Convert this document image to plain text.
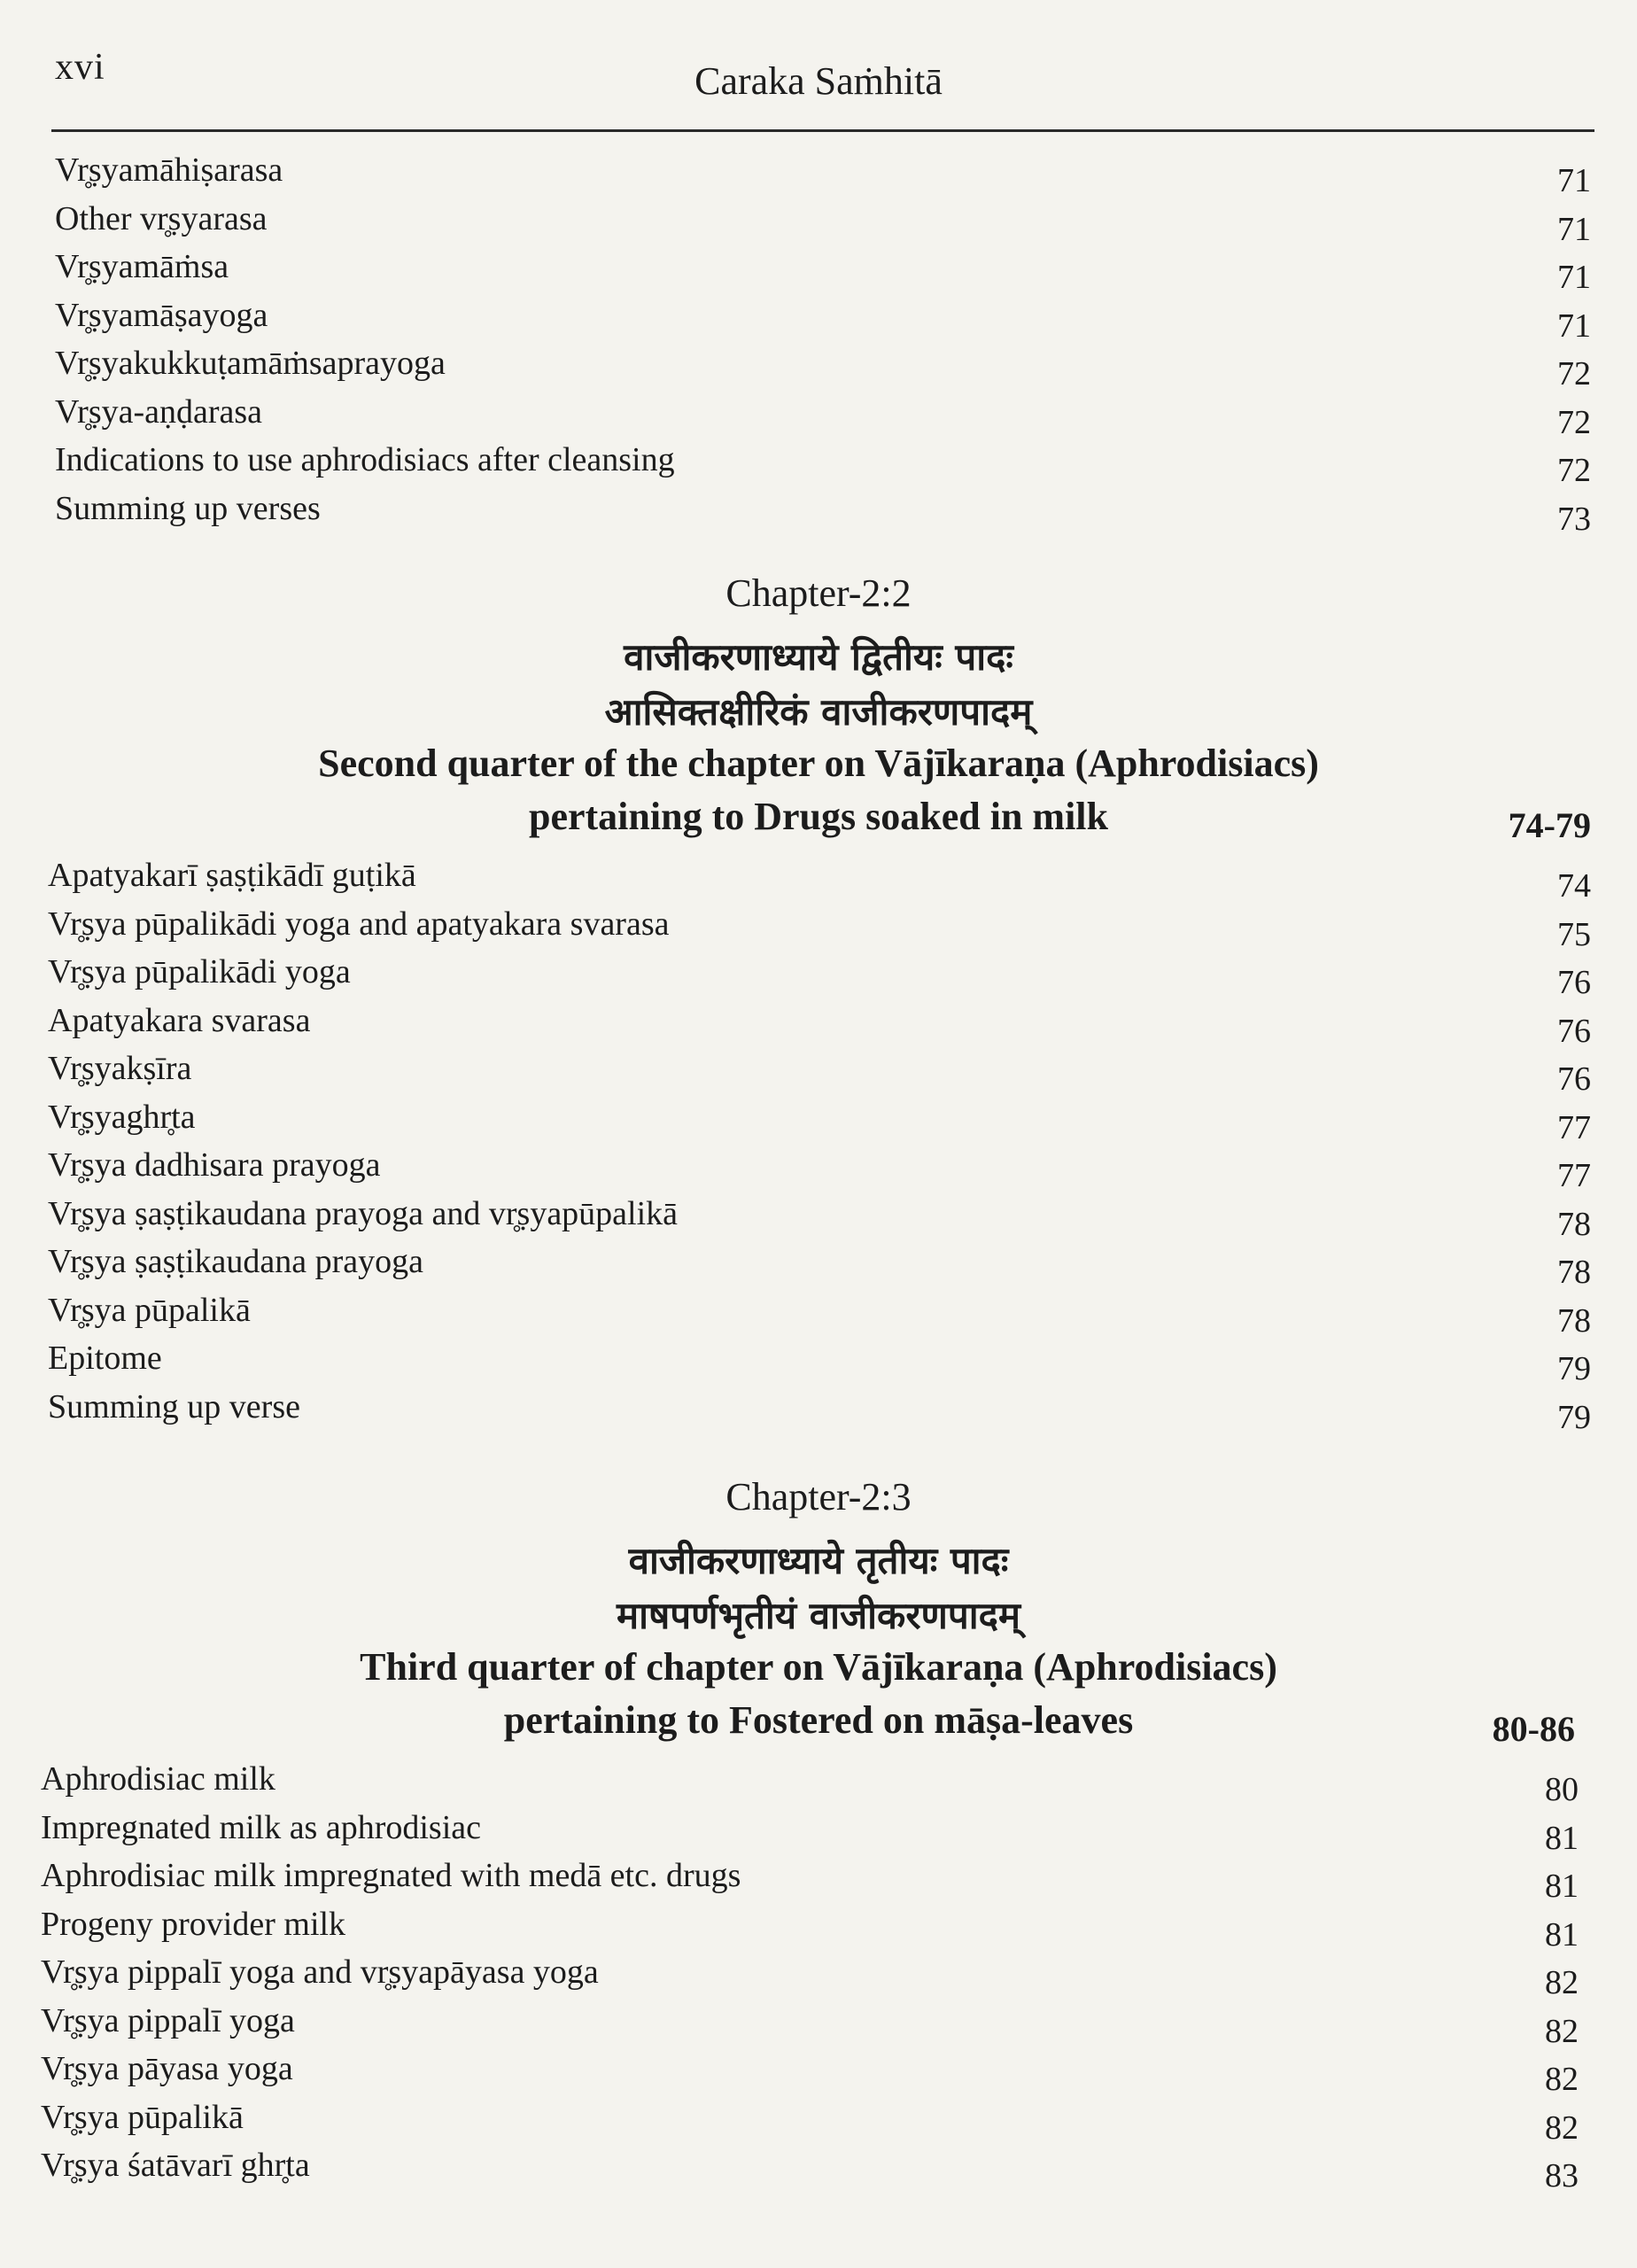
xvi	Caraka Saṁhitā
Vr̥ṣyamāhiṣarasa	71
Other vr̥ṣyarasa	71
Vr̥ṣyamāṁsa	71
Vr̥ṣyamāṣayoga	71
Vr̥ṣyakukkuṭamāṁsaprayoga	72
Vr̥ṣya-aṇḍarasa	72
Indications to use aphrodisiacs after cleansing	72
Summing up verses	73
Chapter-2:2
वाजीकरणाध्याये द्वितीयः पादः
आसिक्तक्षीरिकं वाजीकरणपादम्
Second quarter of the chapter on Vājīkaraṇa (Aphrodisiacs)
pertaining to Drugs soaked in milk	74-79
Apatyakarī ṣaṣṭikādī guṭikā	74
Vr̥ṣya pūpalikādi yoga and apatyakara svarasa	75
Vr̥ṣya pūpalikādi yoga	76
Apatyakara svarasa	76
Vr̥ṣyakṣīra	76
Vr̥ṣyaghr̥ta	77
Vr̥ṣya dadhisara prayoga	77
Vr̥ṣya ṣaṣṭikaudana prayoga and vr̥ṣyapūpalikā	78
Vr̥ṣya ṣaṣṭikaudana prayoga	78
Vr̥ṣya pūpalikā	78
Epitome	79
Summing up verse	79
Chapter-2:3
वाजीकरणाध्याये तृतीयः पादः
माषपर्णभृतीयं वाजीकरणपादम्
Third quarter of chapter on Vājīkaraṇa (Aphrodisiacs)
pertaining to Fostered on māṣa-leaves	80-86
Aphrodisiac milk	80
Impregnated milk as aphrodisiac	81
Aphrodisiac milk impregnated with medā etc. drugs	81
Progeny provider milk	81
Vr̥ṣya pippalī yoga and vr̥ṣyapāyasa yoga	82
Vr̥ṣya pippalī yoga	82
Vr̥ṣya pāyasa yoga	82
Vr̥ṣya pūpalikā	82
Vr̥ṣya śatāvarī ghr̥ta	83
